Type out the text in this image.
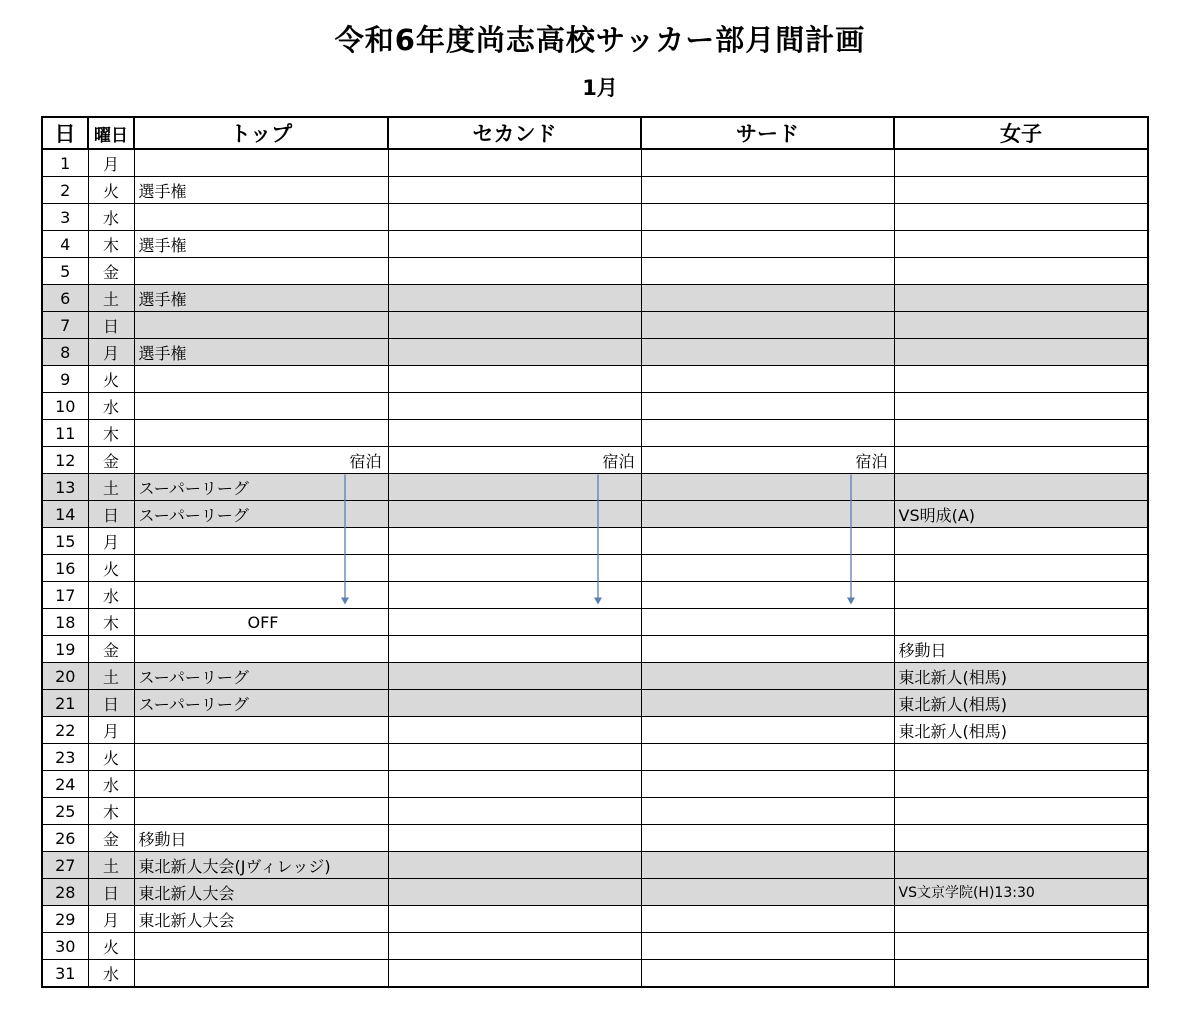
令和6年度尚志高校サッカー部月間計画
1月
日	曜日	トップ	セカンド	サード	女子
1	月				
2	火	選手権			
3	水				
4	木	選手権			
5	金				
6	土	選手権			
7	日				
8	月	選手権			
9	火				
10	水				
11	木				
12	金	宿泊	宿泊	宿泊	
13	土	スーパーリーグ			
14	日	スーパーリーグ			VS明成(A)
15	月				
16	火				
17	水				
18	木	OFF			
19	金				移動日
20	土	スーパーリーグ			東北新人(相馬)
21	日	スーパーリーグ			東北新人(相馬)
22	月				東北新人(相馬)
23	火				
24	水				
25	木				
26	金	移動日			
27	土	東北新人大会(Jヴィレッジ)			
28	日	東北新人大会			VS文京学院(H)13:30
29	月	東北新人大会			
30	火				
31	水				
